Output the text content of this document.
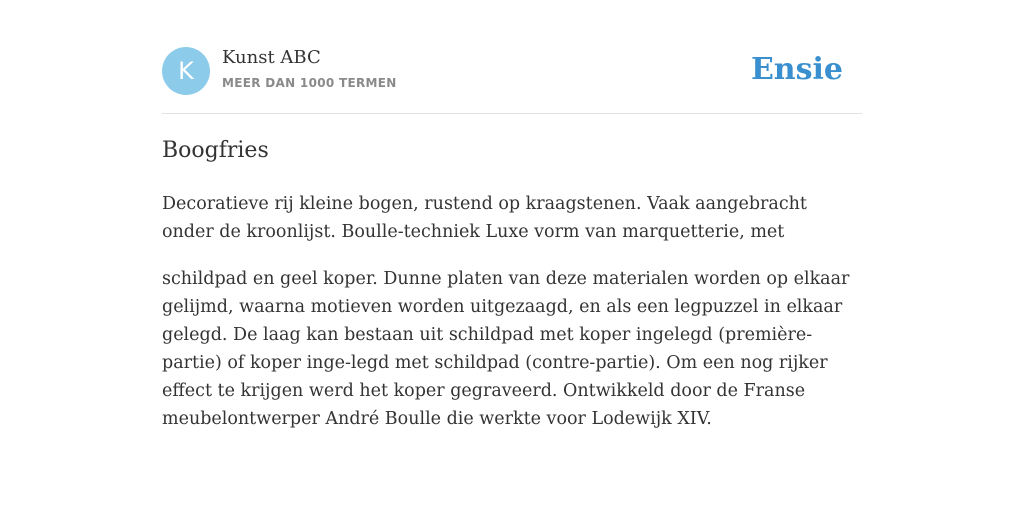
K	Kunst ABC
MEER DAN 1000 TERMEN	Ensie
Boogfries

Decoratieve rij kleine bogen, rustend op kraagstenen. Vaak aangebracht onder de kroonlijst. Boulle-techniek Luxe vorm van marquetterie, met

schildpad en geel koper. Dunne platen van deze materialen worden op elkaar gelijmd, waarna motieven worden uitgezaagd, en als een legpuzzel in elkaar gelegd. De laag kan bestaan uit schildpad met koper ingelegd (première-partie) of koper inge-legd met schildpad (contre-partie). Om een nog rijker effect te krijgen werd het koper gegraveerd. Ontwikkeld door de Franse meubelontwerper André Boulle die werkte voor Lodewijk XIV.
